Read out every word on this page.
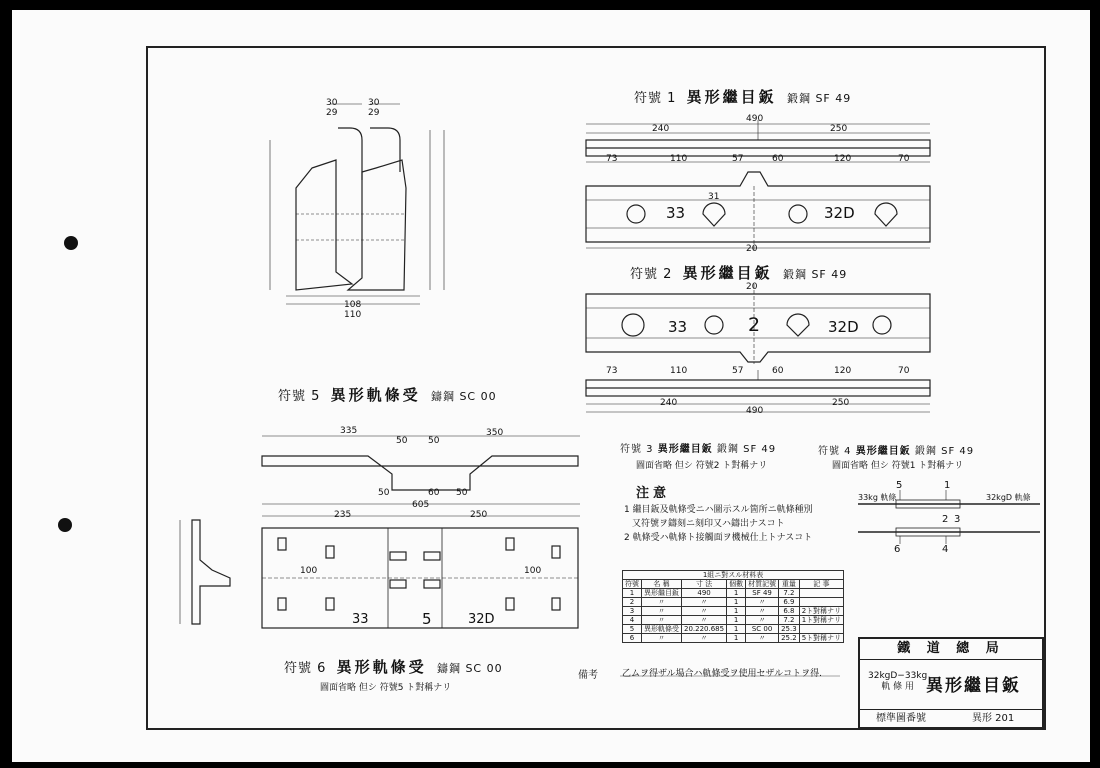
490
240	250
73	110	57	60	120	70
31
20
33	32D
20
33	2	32D
73	110	57	60	120	70
240	250
490
30	30
29	29
108
110
335	350
50 50
50	60 50
605
235	250
100	100
33	5	32D
符號 1 異形繼目鈑 鍛鋼 SF 49
符號 2 異形繼目鈑 鍛鋼 SF 49
符號 5 異形軌條受 鑄鋼 SC 00
符號 3 異形繼目鈑 鍛鋼 SF 49
圖面省略 但シ 符號2 ト對稱ナリ
符號 4 異形繼目鈑 鍛鋼 SF 49
圖面省略 但シ 符號1 ト對稱ナリ
符號 6 異形軌條受 鑄鋼 SC 00
圖面省略 但シ 符號5 ト對稱ナリ
注意
1 繼目鈑及軌條受ニハ圖示スル箇所ニ軌條種別
又符號ヲ鑄刻ニ刻印又ハ鑄出ナスコト
2 軌條受ハ軌條ト接觸面ヲ機械仕上トナスコト
33kg 軌條	32kgD 軌條
5	1
2 3
6	4
1組ニ對スル材料表						
符號	名 稱	寸 法	個數	材質記號	重量	記 事
1	異形繼目鈑	490	1	SF 49	7.2	
2	〃	〃	1	〃	6.9	
3	〃	〃	1	〃	6.8	2ト對稱ナリ
4	〃	〃	1	〃	7.2	1ト對稱ナリ
5	異形軌條受	20.220.685	1	SC 00	25.3	
6	〃	〃	1	〃	25.2	5ト對稱ナリ
備考	乙ムヲ得ザル場合ハ軌條受ヲ使用セザルコトヲ得.
鐵 道 總 局
32kgD−33kg
軌 條 用 異形繼目鈑
標準圖番號	異形 201
